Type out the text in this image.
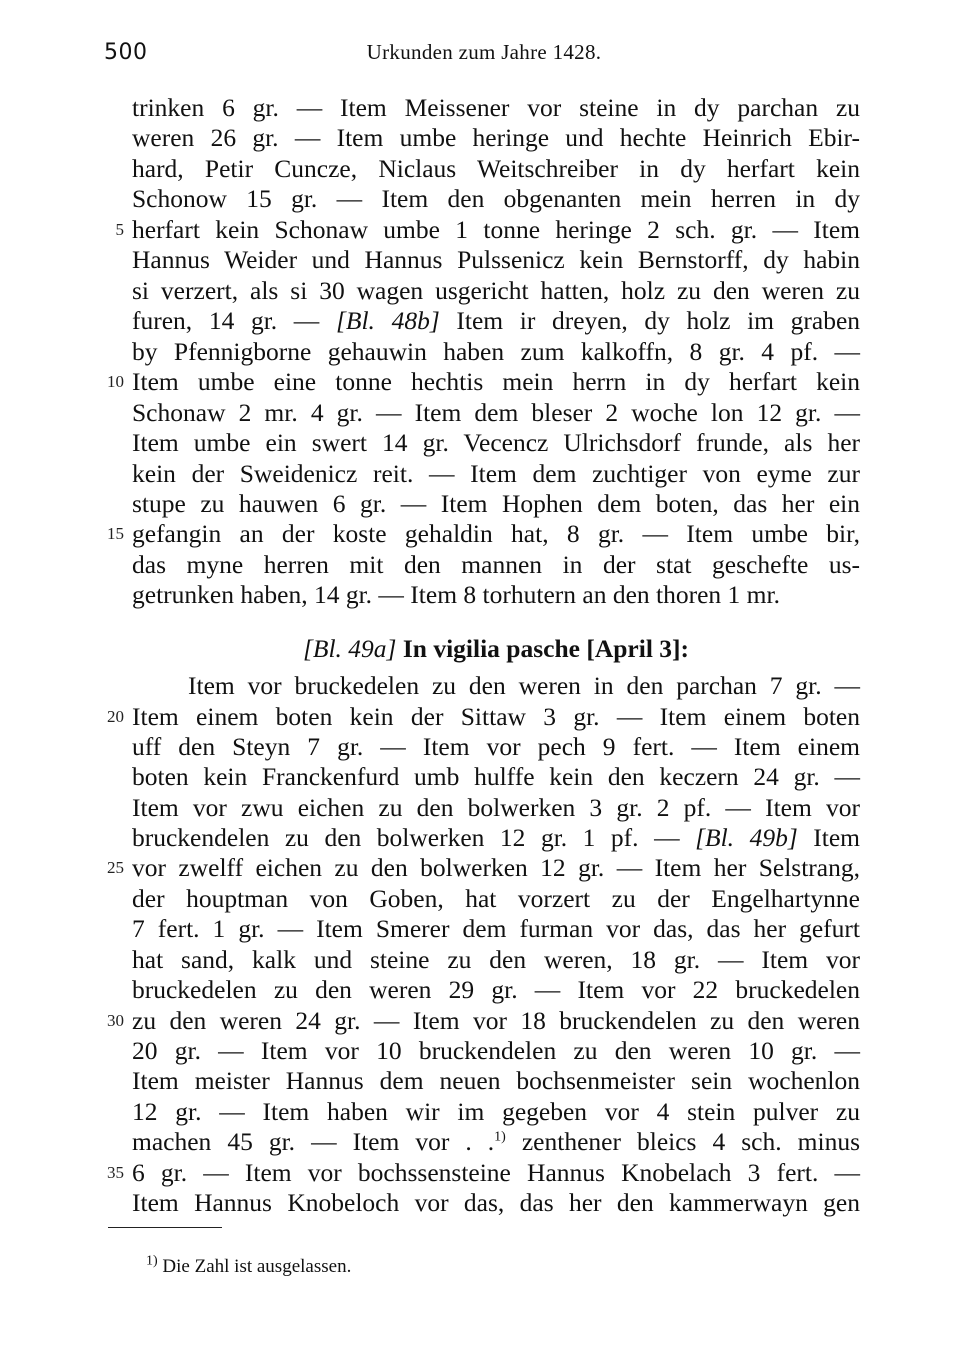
500	Urkunden zum Jahre 1428.
trinken 6 gr. — Item Meissener vor steine in dy parchan zu
weren 26 gr. — Item umbe heringe und hechte Heinrich Ebir-
hard, Petir Cuncze, Niclaus Weitschreiber in dy herfart kein
Schonow 15 gr. — Item den obgenanten mein herren in dy
5 herfart kein Schonaw umbe 1 tonne heringe 2 sch. gr. — Item
Hannus Weider und Hannus Pulssenicz kein Bernstorff, dy habin
si verzert, als si 30 wagen usgericht hatten, holz zu den weren zu
furen, 14 gr. — [Bl. 48b] Item ir dreyen, dy holz im graben
by Pfennigborne gehauwin haben zum kalkoffn, 8 gr. 4 pf. —
10 Item umbe eine tonne hechtis mein herrn in dy herfart kein
Schonaw 2 mr. 4 gr. — Item dem bleser 2 woche lon 12 gr. —
Item umbe ein swert 14 gr. Vecencz Ulrichsdorf frunde, als her
kein der Sweidenicz reit. — Item dem zuchtiger von eyme zur
stupe zu hauwen 6 gr. — Item Hophen dem boten, das her ein
15 gefangin an der koste gehaldin hat, 8 gr. — Item umbe bir,
das myne herren mit den mannen in der stat geschefte us-
getrunken haben, 14 gr. — Item 8 torhutern an den thoren 1 mr.
[Bl. 49a] In vigilia pasche [April 3]:
Item vor bruckedelen zu den weren in den parchan 7 gr. —
20 Item einem boten kein der Sittaw 3 gr. — Item einem boten
uff den Steyn 7 gr. — Item vor pech 9 fert. — Item einem
boten kein Franckenfurd umb hulffe kein den keczern 24 gr. —
Item vor zwu eichen zu den bolwerken 3 gr. 2 pf. — Item vor
bruckendelen zu den bolwerken 12 gr. 1 pf. — [Bl. 49b] Item
25 vor zwelff eichen zu den bolwerken 12 gr. — Item her Selstrang,
der houptman von Goben, hat vorzert zu der Engelhartynne
7 fert. 1 gr. — Item Smerer dem furman vor das, das her gefurt
hat sand, kalk und steine zu den weren, 18 gr. — Item vor
bruckedelen zu den weren 29 gr. — Item vor 22 bruckedelen
30 zu den weren 24 gr. — Item vor 18 bruckendelen zu den weren
20 gr. — Item vor 10 bruckendelen zu den weren 10 gr. —
Item meister Hannus dem neuen bochsenmeister sein wochenlon
12 gr. — Item haben wir im gegeben vor 4 stein pulver zu
machen 45 gr. — Item vor . .$^{1)}$ zenthener bleics 4 sch. minus
35 6 gr. — Item vor bochssensteine Hannus Knobelach 3 fert. —
Item Hannus Knobeloch vor das, das her den kammerwayn gen
$^{1)}$ Die Zahl ist ausgelassen.
